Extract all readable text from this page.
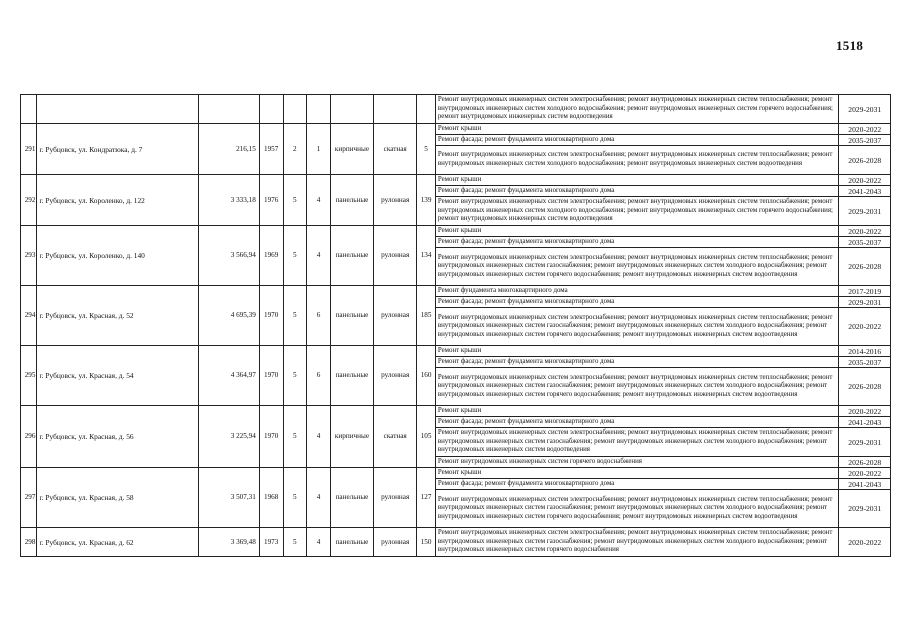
1518
									Ремонт внутридомовых инженерных систем электроснабжения; ремонт внутридомовых инженерных систем теплоснабжения; ремонт внутридомовых инженерных систем холодного водоснабжения; ремонт внутридомовых инженерных систем горячего водоснабжения; ремонт внутридомовых инженерных систем водоотведения	2029-2031
291	г. Рубцовск, ул. Кондратюка, д. 7	216,15	1957	2	1	кирпичные	скатная	5	Ремонт крыши	2020-2022
									Ремонт фасада; ремонт фундамента многоквартирного дома	2035-2037
									Ремонт внутридомовых инженерных систем электроснабжения; ремонт внутридомовых инженерных систем теплоснабжения; ремонт внутридомовых инженерных систем холодного водоснабжения; ремонт внутридомовых инженерных систем водоотведения	2026-2028
292	г. Рубцовск, ул. Короленко, д. 122	3 333,18	1976	5	4	панельные	рулонная	139	Ремонт крыши	2020-2022
									Ремонт фасада; ремонт фундамента многоквартирного дома	2041-2043
									Ремонт внутридомовых инженерных систем электроснабжения; ремонт внутридомовых инженерных систем теплоснабжения; ремонт внутридомовых инженерных систем холодного водоснабжения; ремонт внутридомовых инженерных систем горячего водоснабжения; ремонт внутридомовых инженерных систем водоотведения	2029-2031
293	г. Рубцовск, ул. Короленко, д. 140	3 566,94	1969	5	4	панельные	рулонная	134	Ремонт крыши	2020-2022
									Ремонт фасада; ремонт фундамента многоквартирного дома	2035-2037
									Ремонт внутридомовых инженерных систем электроснабжения; ремонт внутридомовых инженерных систем теплоснабжения; ремонт внутридомовых инженерных систем газоснабжения; ремонт внутридомовых инженерных систем холодного водоснабжения; ремонт внутридомовых инженерных систем горячего водоснабжения; ремонт внутридомовых инженерных систем водоотведения	2026-2028
294	г. Рубцовск, ул. Красная, д. 52	4 695,39	1970	5	6	панельные	рулонная	185	Ремонт фундамента многоквартирного дома	2017-2019
									Ремонт фасада; ремонт фундамента многоквартирного дома	2029-2031
									Ремонт внутридомовых инженерных систем электроснабжения; ремонт внутридомовых инженерных систем теплоснабжения; ремонт внутридомовых инженерных систем газоснабжения; ремонт внутридомовых инженерных систем холодного водоснабжения; ремонт внутридомовых инженерных систем горячего водоснабжения; ремонт внутридомовых инженерных систем водоотведения	2020-2022
295	г. Рубцовск, ул. Красная, д. 54	4 364,97	1970	5	6	панельные	рулонная	160	Ремонт крыши	2014-2016
									Ремонт фасада; ремонт фундамента многоквартирного дома	2035-2037
									Ремонт внутридомовых инженерных систем электроснабжения; ремонт внутридомовых инженерных систем теплоснабжения; ремонт внутридомовых инженерных систем газоснабжения; ремонт внутридомовых инженерных систем холодного водоснабжения; ремонт внутридомовых инженерных систем горячего водоснабжения; ремонт внутридомовых инженерных систем водоотведения	2026-2028
296	г. Рубцовск, ул. Красная, д. 56	3 225,94	1970	5	4	кирпичные	скатная	105	Ремонт крыши	2020-2022
									Ремонт фасада; ремонт фундамента многоквартирного дома	2041-2043
									Ремонт внутридомовых инженерных систем электроснабжения; ремонт внутридомовых инженерных систем теплоснабжения; ремонт внутридомовых инженерных систем газоснабжения; ремонт внутридомовых инженерных систем холодного водоснабжения; ремонт внутридомовых инженерных систем водоотведения	2029-2031
									Ремонт внутридомовых инженерных систем горячего водоснабжения	2026-2028
297	г. Рубцовск, ул. Красная, д. 58	3 507,31	1968	5	4	панельные	рулонная	127	Ремонт крыши	2020-2022
									Ремонт фасада; ремонт фундамента многоквартирного дома	2041-2043
									Ремонт внутридомовых инженерных систем электроснабжения; ремонт внутридомовых инженерных систем теплоснабжения; ремонт внутридомовых инженерных систем газоснабжения; ремонт внутридомовых инженерных систем холодного водоснабжения; ремонт внутридомовых инженерных систем горячего водоснабжения; ремонт внутридомовых инженерных систем водоотведения	2029-2031
298	г. Рубцовск, ул. Красная, д. 62	3 369,48	1973	5	4	панельные	рулонная	150	Ремонт внутридомовых инженерных систем электроснабжения; ремонт внутридомовых инженерных систем теплоснабжения; ремонт внутридомовых инженерных систем газоснабжения; ремонт внутридомовых инженерных систем холодного водоснабжения; ремонт внутридомовых инженерных систем горячего водоснабжения	2020-2022
